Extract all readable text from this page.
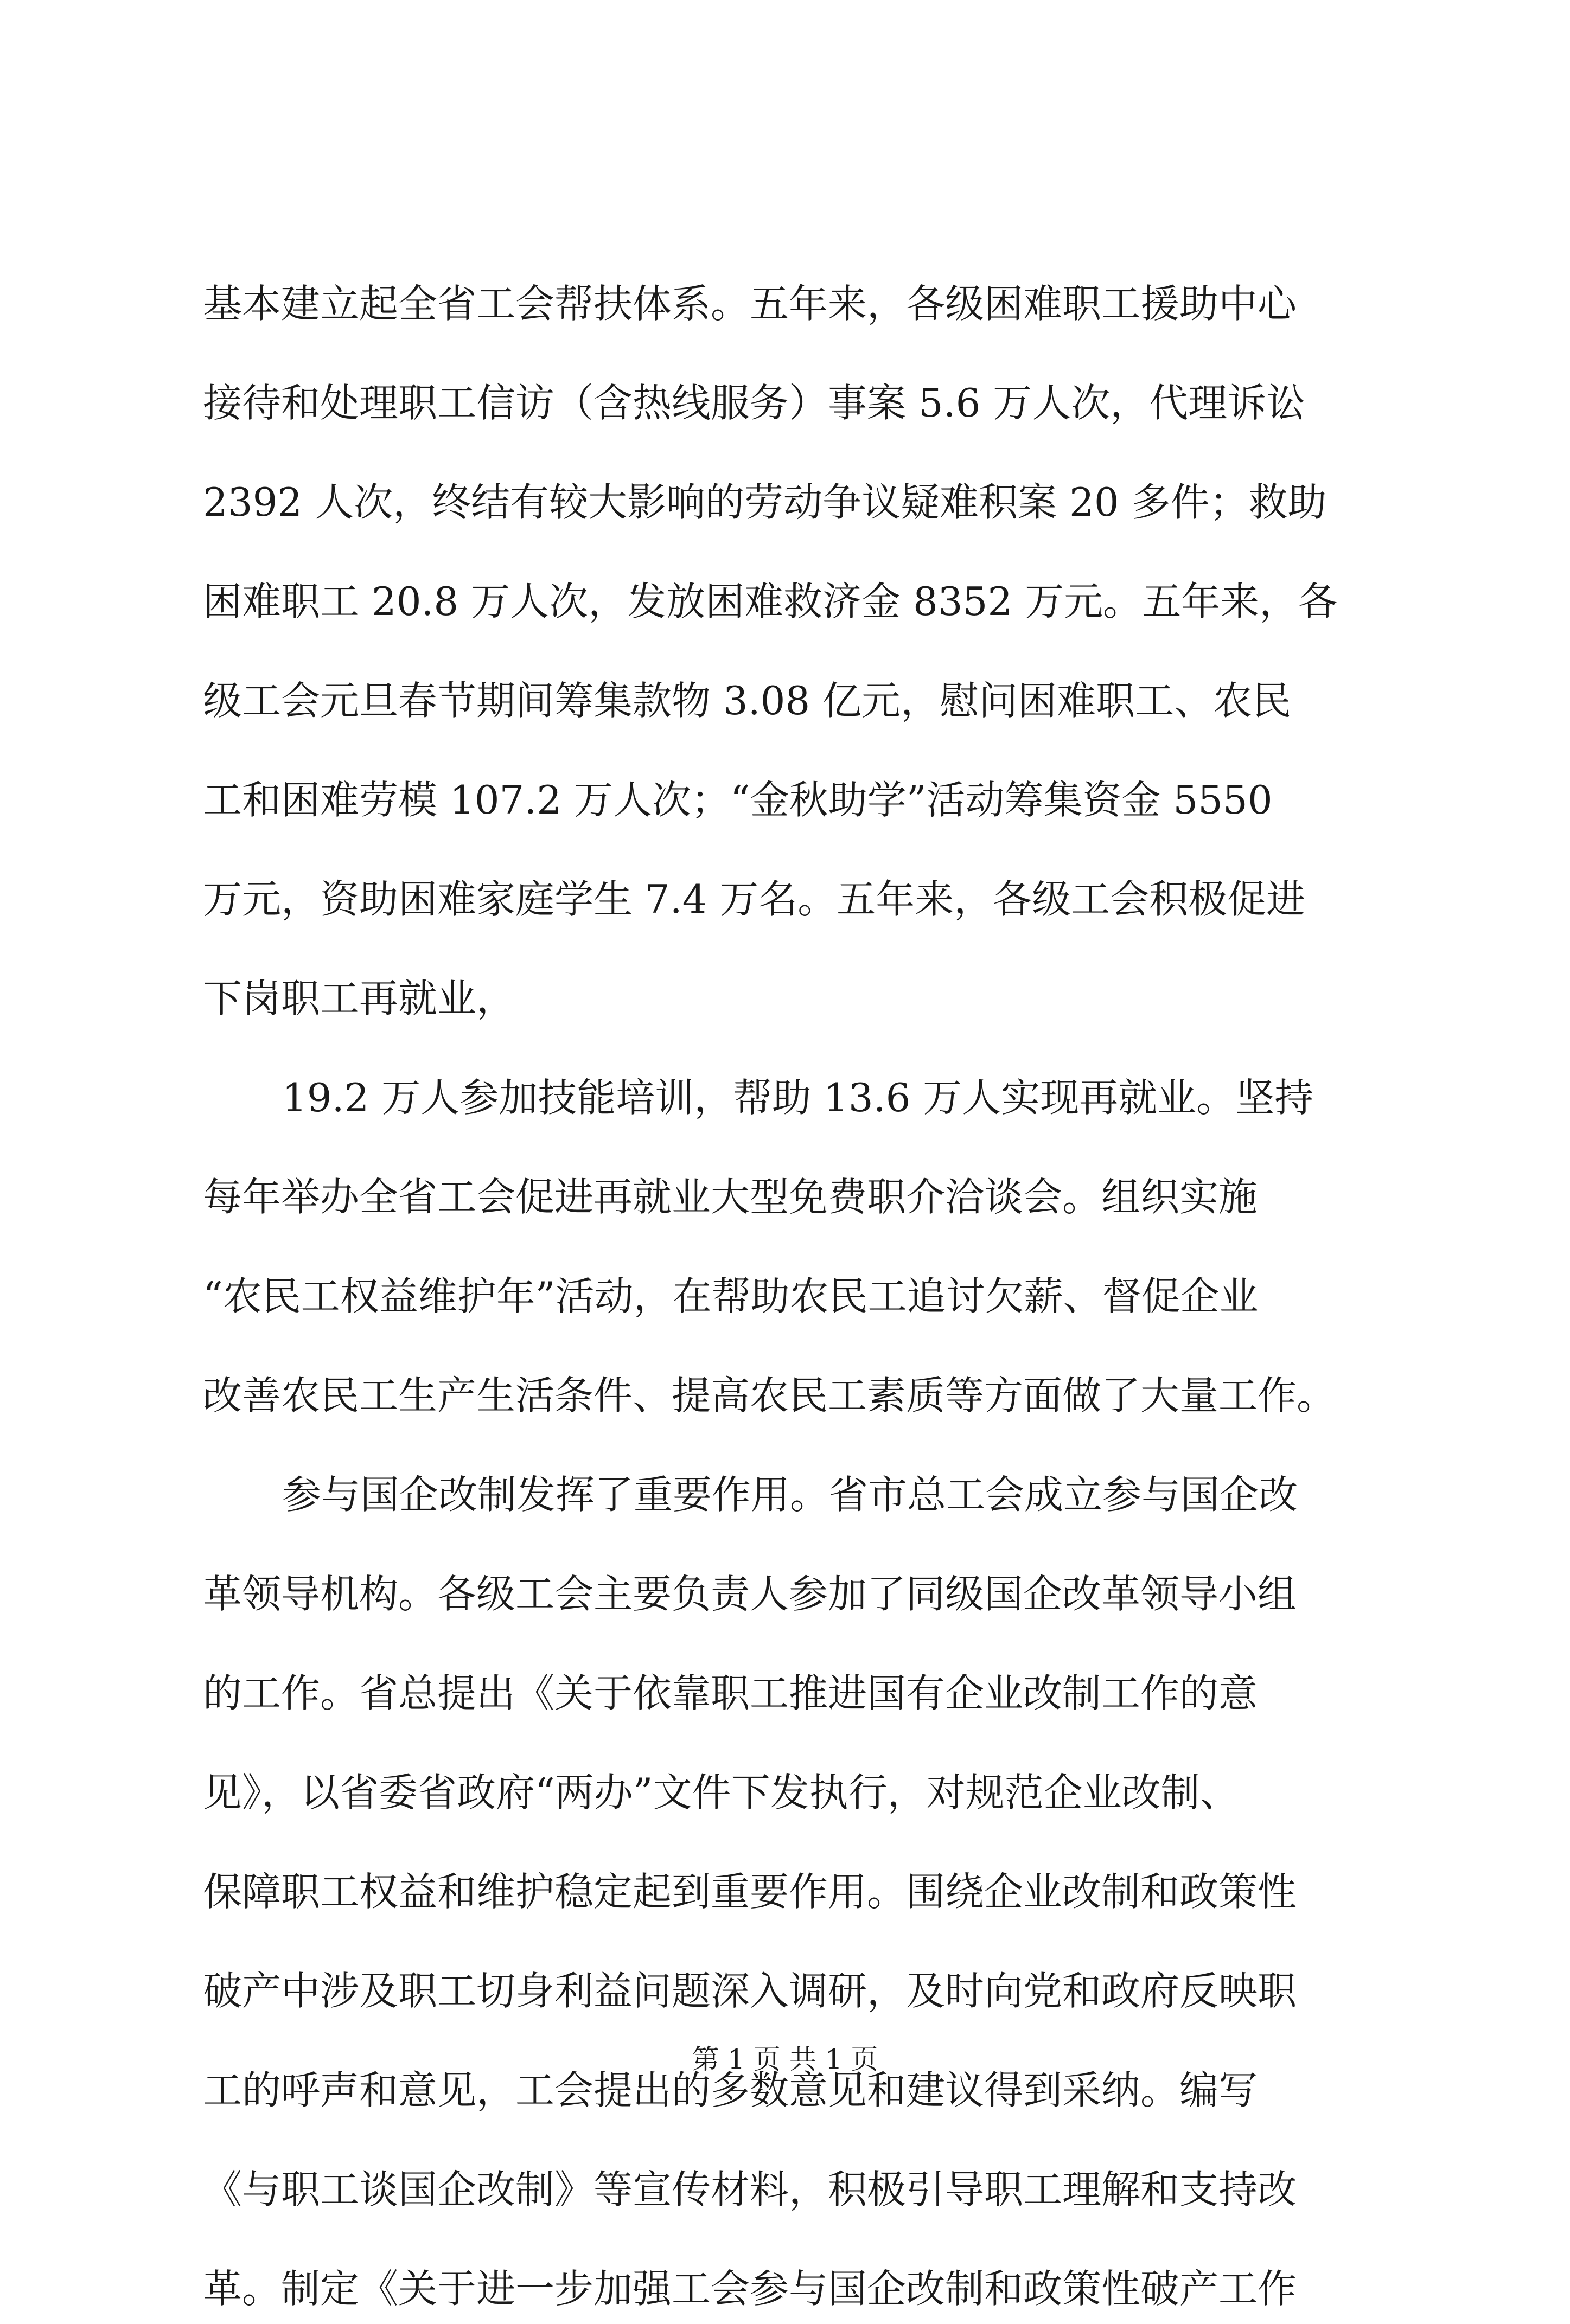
基本建立起全省工会帮扶体系。五年来，各级困难职工援助中心
接待和处理职工信访（含热线服务）事案 5.6 万人次，代理诉讼
2392 人次，终结有较大影响的劳动争议疑难积案 20 多件；救助
困难职工 20.8 万人次，发放困难救济金 8352 万元。五年来，各
级工会元旦春节期间筹集款物 3.08 亿元，慰问困难职工、农民
工和困难劳模 107.2 万人次；“金秋助学”活动筹集资金 5550
万元，资助困难家庭学生 7.4 万名。五年来，各级工会积极促进
下岗职工再就业，
19.2 万人参加技能培训，帮助 13.6 万人实现再就业。坚持
每年举办全省工会促进再就业大型免费职介洽谈会。组织实施
“农民工权益维护年”活动，在帮助农民工追讨欠薪、督促企业
改善农民工生产生活条件、提高农民工素质等方面做了大量工作。
参与国企改制发挥了重要作用。省市总工会成立参与国企改
革领导机构。各级工会主要负责人参加了同级国企改革领导小组
的工作。省总提出《关于依靠职工推进国有企业改制工作的意
见》，以省委省政府“两办”文件下发执行，对规范企业改制、
保障职工权益和维护稳定起到重要作用。围绕企业改制和政策性
破产中涉及职工切身利益问题深入调研，及时向党和政府反映职
工的呼声和意见，工会提出的多数意见和建议得到采纳。编写
《与职工谈国企改制》等宣传材料，积极引导职工理解和支持改
革。制定《关于进一步加强工会参与国企改制和政策性破产工作
第 1 页 共 1 页
